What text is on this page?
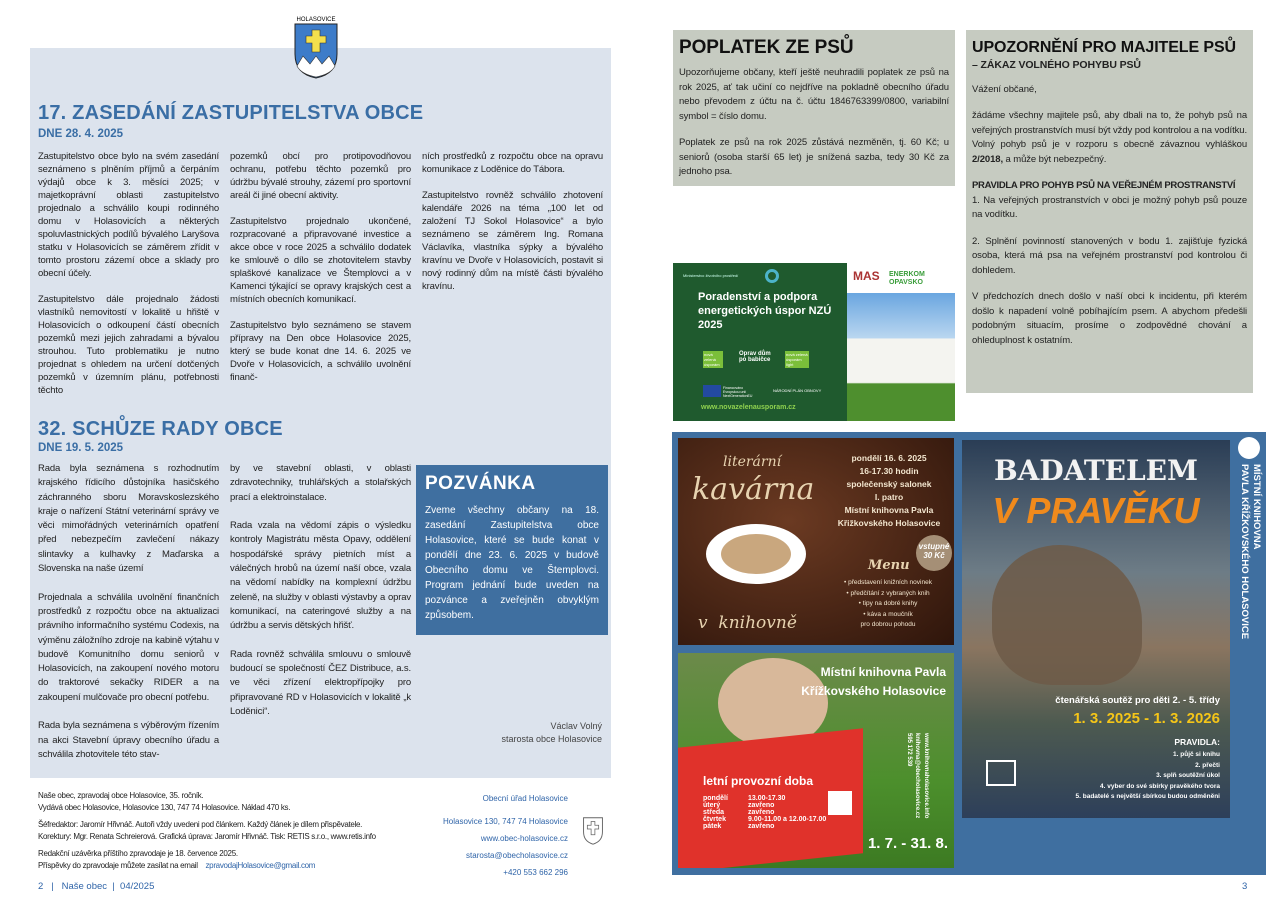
HOLASOVICE
17. ZASEDÁNÍ ZASTUPITELSTVA OBCE
DNE 28. 4. 2025

Zastupitelstvo obce bylo na svém zasedání seznámeno s plněním příjmů a čerpáním výdajů obce k 3. měsíci 2025; v majetkoprávní oblasti zastupitelstvo projednalo a schválilo koupi rodinného domu v Holasovicích a některých spoluvlastnických podílů bývalého Laryšova statku v Holasovicích se záměrem zřídit v tomto prostoru zázemí obce a sklady pro obecní účely.

Zastupitelstvo dále projednalo žádosti vlastníků nemovitostí v lokalitě u hřiště v Holasovicích o odkoupení částí obecních pozemků mezi jejich zahradami a bývalou strouhou. Tuto problematiku je nutno projednat s ohledem na určení dotčených pozemků v územním plánu, potřebnosti těchto

pozemků obcí pro protipovodňovou ochranu, potřebu těchto pozemků pro údržbu bývalé strouhy, zázemí pro sportovní areál či jiné obecní aktivity.

Zastupitelstvo projednalo ukončené, rozpracované a připravované investice a akce obce v roce 2025 a schválilo dodatek ke smlouvě o dílo se zhotovitelem stavby splaškové kanalizace ve Štemplovci a v Kamenci týkající se opravy krajských cest a místních obecních komunikací.

Zastupitelstvo bylo seznámeno se stavem přípravy na Den obce Holasovice 2025, který se bude konat dne 14. 6. 2025 ve Dvoře v Holasovicích, a schválilo uvolnění finanč-

ních prostředků z rozpočtu obce na opravu komunikace z Loděnice do Tábora.

Zastupitelstvo rovněž schválilo zhotovení kalendáře 2026 na téma „100 let od založení TJ Sokol Holasovice“ a bylo seznámeno se záměrem Ing. Romana Václavíka, vlastníka sýpky a bývalého kravínu ve Dvoře v Holasovicích, postavit si nový rodinný dům na místě části bývalého kravínu.

32. SCHŮZE RADY OBCE
DNE 19. 5. 2025

Rada byla seznámena s rozhodnutím krajského řídicího důstojníka hasičského záchranného sboru Moravskoslezského kraje o nařízení Státní veterinární správy ve věci mimořádných veterinárních opatření před nebezpečím zavlečení nákazy slintavky a kulhavky z Maďarska a Slovenska na naše území

Projednala a schválila uvolnění finančních prostředků z rozpočtu obce na aktualizaci právního informačního systému Codexis, na výměnu záložního zdroje na kabině výtahu v budově Komunitního domu seniorů v Holasovicích, na zakoupení nového motoru do traktorové sekačky RIDER a na zakoupení mulčovače pro obecní potřebu.

Rada byla seznámena s výběrovým řízením na akci Stavební úpravy obecního úřadu a schválila zhotovitele této stav-

by ve stavební oblasti, v oblasti zdravotechniky, truhlářských a stolařských prací a elektroinstalace.

Rada vzala na vědomí zápis o výsledku kontroly Magistrátu města Opavy, oddělení hospodářské správy pietních míst a válečných hrobů na území naší obce, vzala na vědomí nabídky na komplexní údržbu zeleně, na služby v oblasti výstavby a oprav komunikací, na cateringové služby a na údržbu a servis dětských hřišť.

Rada rovněž schválila smlouvu o smlouvě budoucí se společností ČEZ Distribuce, a.s. ve věci zřízení elektropřípojky pro připravované RD v Holasovicích v lokalitě „k Loděnici“.

POZVÁNKA

Zveme všechny občany na 18. zasedání Zastupitelstva obce Holasovice, které se bude konat v pondělí dne 23. 6. 2025 v budově Obecního domu ve Štemplovci. Program jednání bude uveden na pozvánce a zveřejněn obvyklým způsobem.

Václav Volný
starosta obce Holasovice

Naše obec, zpravodaj obce Holasovice, 35. ročník.
Vydává obec Holasovice, Holasovice 130, 747 74 Holasovice. Náklad 470 ks.

Šéfredaktor: Jaromír Hřivnáč. Autoři vždy uvedeni pod článkem. Každý článek je dílem přispěvatele.
Korektury: Mgr. Renata Schreierová. Grafická úprava: Jaromír Hřivnáč. Tisk: RETIS s.r.o., www.retis.info

Redakční uzávěrka příštího zpravodaje je 18. července 2025.
Příspěvky do zpravodaje můžete zasílat na email zpravodajHolasovice@gmail.com

Obecní úřad Holasovice
Holasovice 130, 747 74 Holasovice
www.obec-holasovice.cz
starosta@obecholasovice.cz
+420 553 662 296
2   |   Naše obec  |  04/2025
POPLATEK ZE PSŮ

Upozorňujeme občany, kteří ještě neuhradili poplatek ze psů na rok 2025, ať tak učiní co nejdříve na pokladně obecního úřadu nebo převodem z účtu na č. účtu 1846763399/0800, variabilní symbol = číslo domu.

Poplatek ze psů na rok 2025 zůstává nezměněn, tj. 60 Kč; u seniorů (osoba starší 65 let) je snížená sazba, tedy 30 Kč za jednoho psa.

UPOZORNĚNÍ PRO MAJITELE PSŮ
– ZÁKAZ VOLNÉHO POHYBU PSŮ

Vážení občané,

žádáme všechny majitele psů, aby dbali na to, že pohyb psů na veřejných prostranstvích musí být vždy pod kontrolou a na vodítku. Volný pohyb psů je v rozporu s obecně závaznou vyhláškou 2/2018, a může být nebezpečný.

PRAVIDLA PRO POHYB PSŮ NA VEŘEJNÉM PROSTRANSTVÍ

1. Na veřejných prostranstvích v obci je možný pohyb psů pouze na vodítku.

2. Splnění povinností stanovených v bodu 1. zajišťuje fyzická osoba, která má psa na veřejném prostranství pod kontrolou či dohledem.

V předchozích dnech došlo v naší obci k incidentu, při kterém došlo k napadení volně pobíhajícím psem. A abychom předešli podobným situacím, prosíme o zodpovědné chování a ohleduplnost k ostatním.

Ministerstvo životního prostředí
Poradenství a podpora energetických úspor NZÚ 2025
nová zelená úsporám
Oprav dům po babičce
nová zelená úsporám light
Financováno Evropskou unií NextGenerationEU
NÁRODNÍ PLÁN OBNOVY
www.novazelenausporam.cz
MAS ENERKOM OPAVSKO
literární
kavárna
v  knihovně
pondělí 16. 6. 2025
16-17.30 hodin
společenský salonek
I. patro
Místní knihovna Pavla
Křižkovského Holasovice
vstupné 30 Kč
Menu
• představení knižních novinek
• předčítání z vybraných knih
• tipy na dobré knihy
• káva a moučník
pro dobrou pohodu
Místní knihovna Pavla Křížkovského Holasovice
www.knihovnaholasovice.info
knihovna@obecholasovice.cz
595 172 539
letní provozní doba
pondělí	13.00-17.30
úterý	zavřeno
středa	zavřeno
čtvrtek	9.00-11.00 a 12.00-17.00
pátek	zavřeno
1. 7. - 31. 8.
BADATELEM
V PRAVĚKU
čtenářská soutěž pro děti 2. - 5. třídy
1. 3. 2025 - 1. 3. 2026
PRAVIDLA:
1. půjč si knihu
2. přečti
3. splň soutěžní úkol
4. vyber do své sbírky pravěkého tvora
5. badatelé s největší sbírkou budou odměněni
MÍSTNÍ KNIHOVNA
PAVLA KŘÍŽKOVSKÉHO HOLASOVICE
3
